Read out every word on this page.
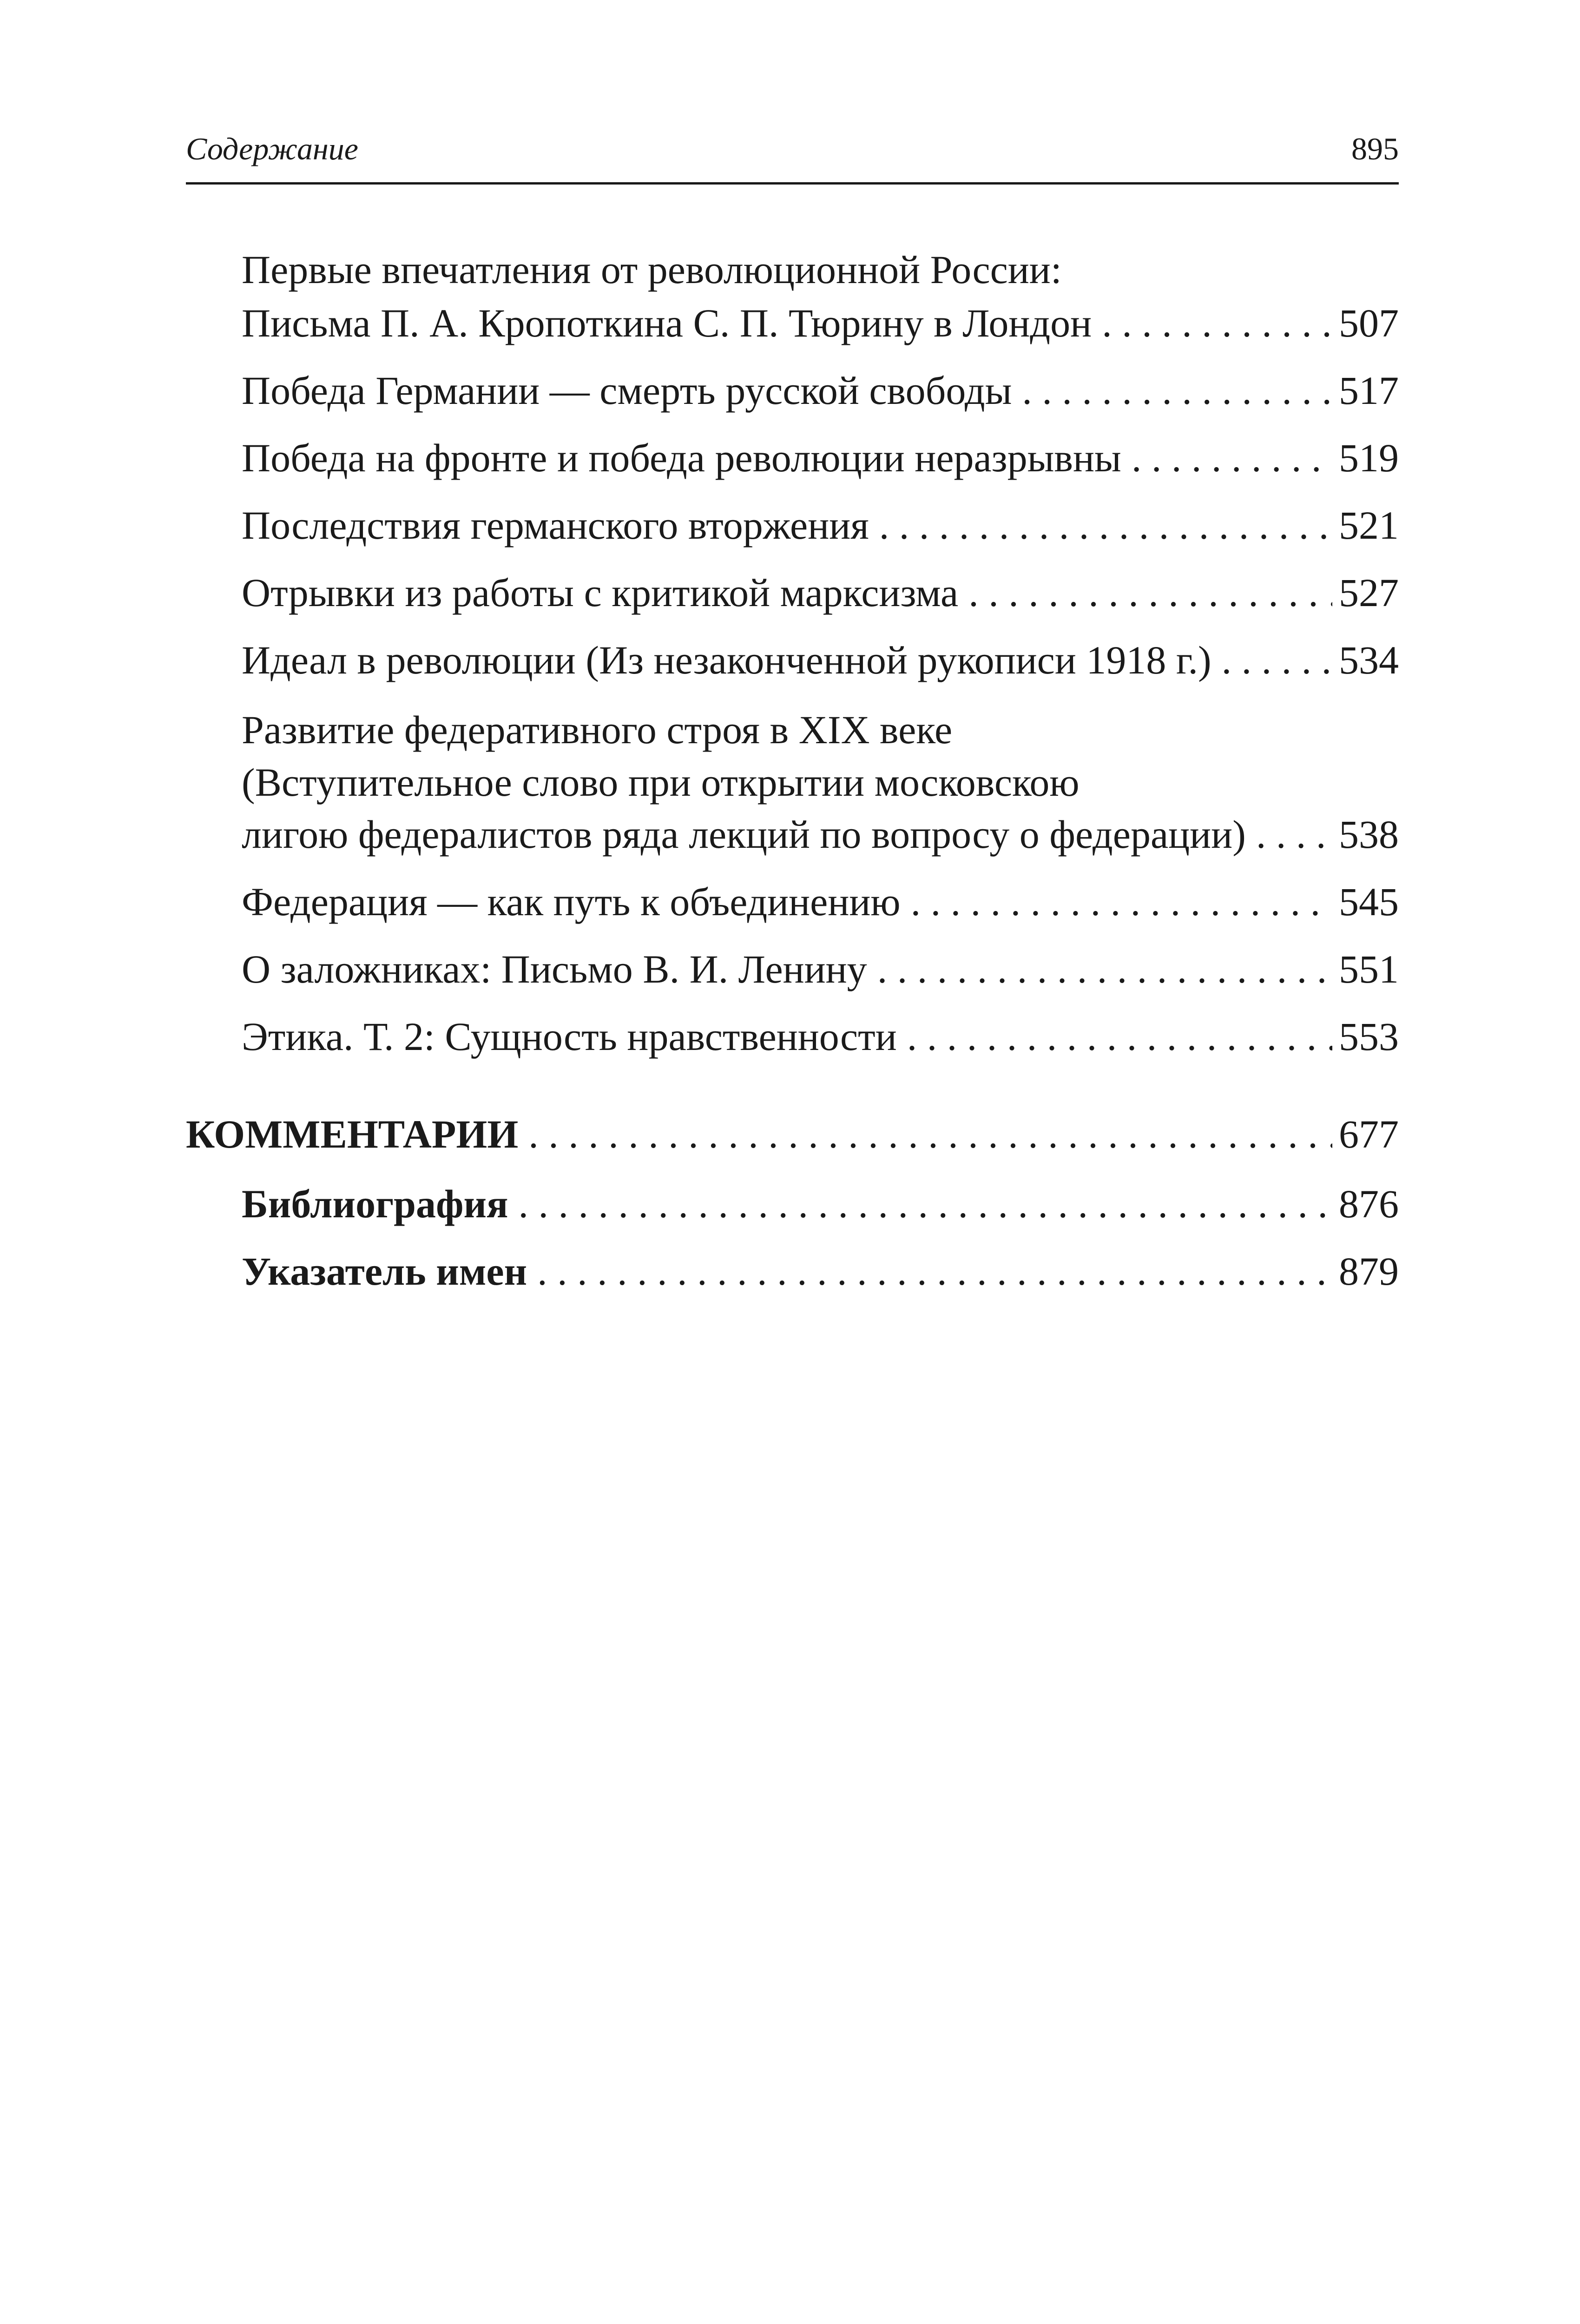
Содержание	895
Первые впечатления от революционной России:
Письма П. А. Кропоткина С. П. Тюрину в Лондон . . .	507
Победа Германии — смерть русской свободы . . .	517
Победа на фронте и победа революции неразрывны . . .	519
Последствия германского вторжения . . .	521
Отрывки из работы с критикой марксизма . . .	527
Идеал в революции (Из незаконченной рукописи 1918 г.) . . .	534
Развитие федеративного строя в XIX веке
(Вступительное слово при открытии московскою
лигою федералистов ряда лекций по вопросу о федерации) . . . 538
Федерация — как путь к объединению . . .	545
О заложниках: Письмо В. И. Ленину . . .	551
Этика. Т. 2: Сущность нравственности . . .	553
КОММЕНТАРИИ . . .	677
Библиография . . .	876
Указатель имен . . .	879
